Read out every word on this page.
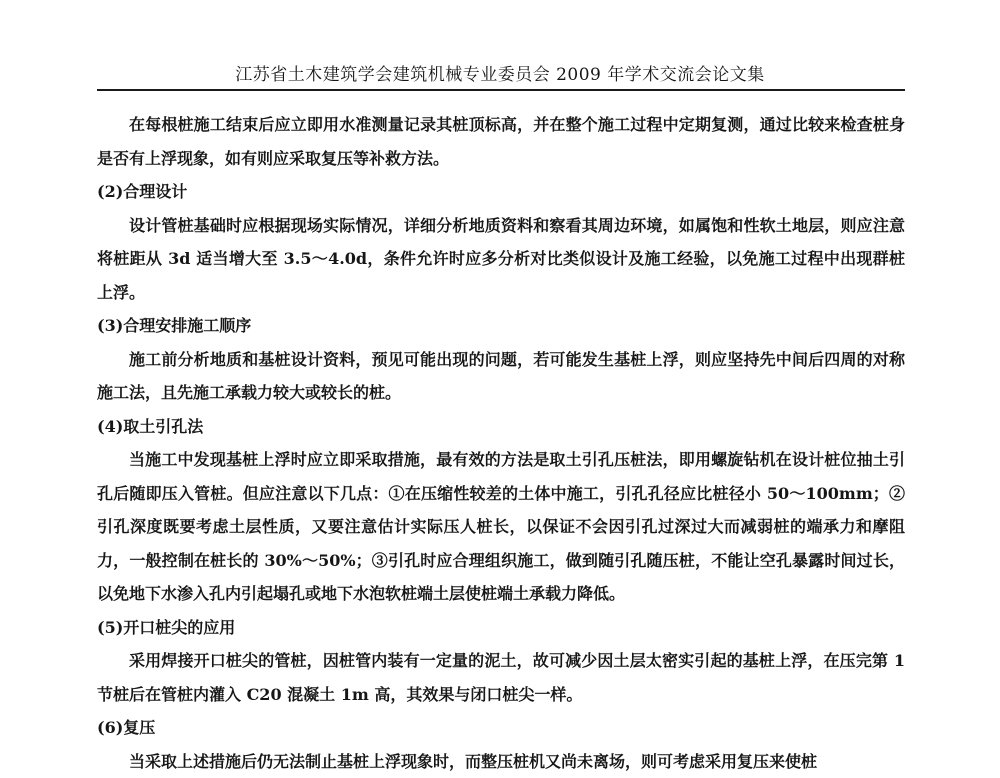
江苏省土木建筑学会建筑机械专业委员会 2009 年学术交流会论文集

在每根桩施工结束后应立即用水准测量记录其桩顶标高，并在整个施工过程中定期复测，通过比较来检查桩身是否有上浮现象，如有则应采取复压等补救方法。

(2)合理设计

设计管桩基础时应根据现场实际情况，详细分析地质资料和察看其周边环境，如属饱和性软土地层，则应注意将桩距从 3d 适当增大至 3.5～4.0d，条件允许时应多分析对比类似设计及施工经验，以免施工过程中出现群桩上浮。

(3)合理安排施工顺序

施工前分析地质和基桩设计资料，预见可能出现的问题，若可能发生基桩上浮，则应坚持先中间后四周的对称施工法，且先施工承载力较大或较长的桩。

(4)取土引孔法

当施工中发现基桩上浮时应立即采取措施，最有效的方法是取土引孔压桩法，即用螺旋钻机在设计桩位抽土引孔后随即压入管桩。但应注意以下几点：①在压缩性较差的土体中施工，引孔孔径应比桩径小 50～100mm；②引孔深度既要考虑土层性质，又要注意估计实际压人桩长，以保证不会因引孔过深过大而减弱桩的端承力和摩阻力，一般控制在桩长的 30%～50%；③引孔时应合理组织施工，做到随引孔随压桩，不能让空孔暴露时间过长，以免地下水渗入孔内引起塌孔或地下水泡软桩端土层使桩端土承载力降低。

(5)开口桩尖的应用

采用焊接开口桩尖的管桩，因桩管内装有一定量的泥土，故可减少因土层太密实引起的基桩上浮，在压完第 1 节桩后在管桩内灌入 C20 混凝土 1m 高，其效果与闭口桩尖一样。

(6)复压

当采取上述措施后仍无法制止基桩上浮现象时，而整压桩机又尚未离场，则可考虑采用复压来使桩
